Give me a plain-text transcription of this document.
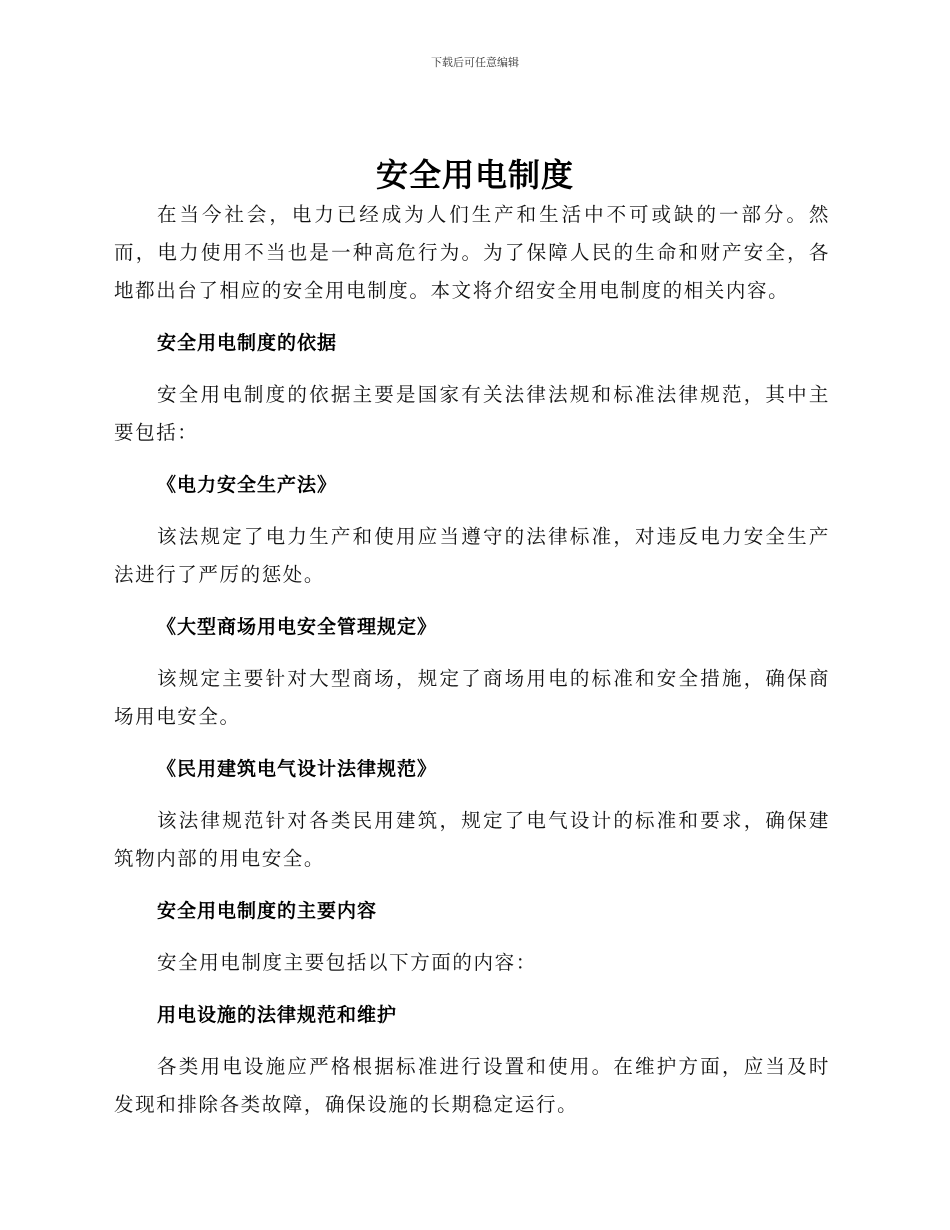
下载后可任意编辑
安全用电制度

在当今社会，电力已经成为人们生产和生活中不可或缺的一部分。然而，电力使用不当也是一种高危行为。为了保障人民的生命和财产安全，各地都出台了相应的安全用电制度。本文将介绍安全用电制度的相关内容。

安全用电制度的依据

安全用电制度的依据主要是国家有关法律法规和标准法律规范，其中主要包括：

《电力安全生产法》

该法规定了电力生产和使用应当遵守的法律标准，对违反电力安全生产法进行了严厉的惩处。

《大型商场用电安全管理规定》

该规定主要针对大型商场，规定了商场用电的标准和安全措施，确保商场用电安全。

《民用建筑电气设计法律规范》

该法律规范针对各类民用建筑，规定了电气设计的标准和要求，确保建筑物内部的用电安全。

安全用电制度的主要内容

安全用电制度主要包括以下方面的内容：

用电设施的法律规范和维护

各类用电设施应严格根据标准进行设置和使用。在维护方面，应当及时发现和排除各类故障，确保设施的长期稳定运行。
